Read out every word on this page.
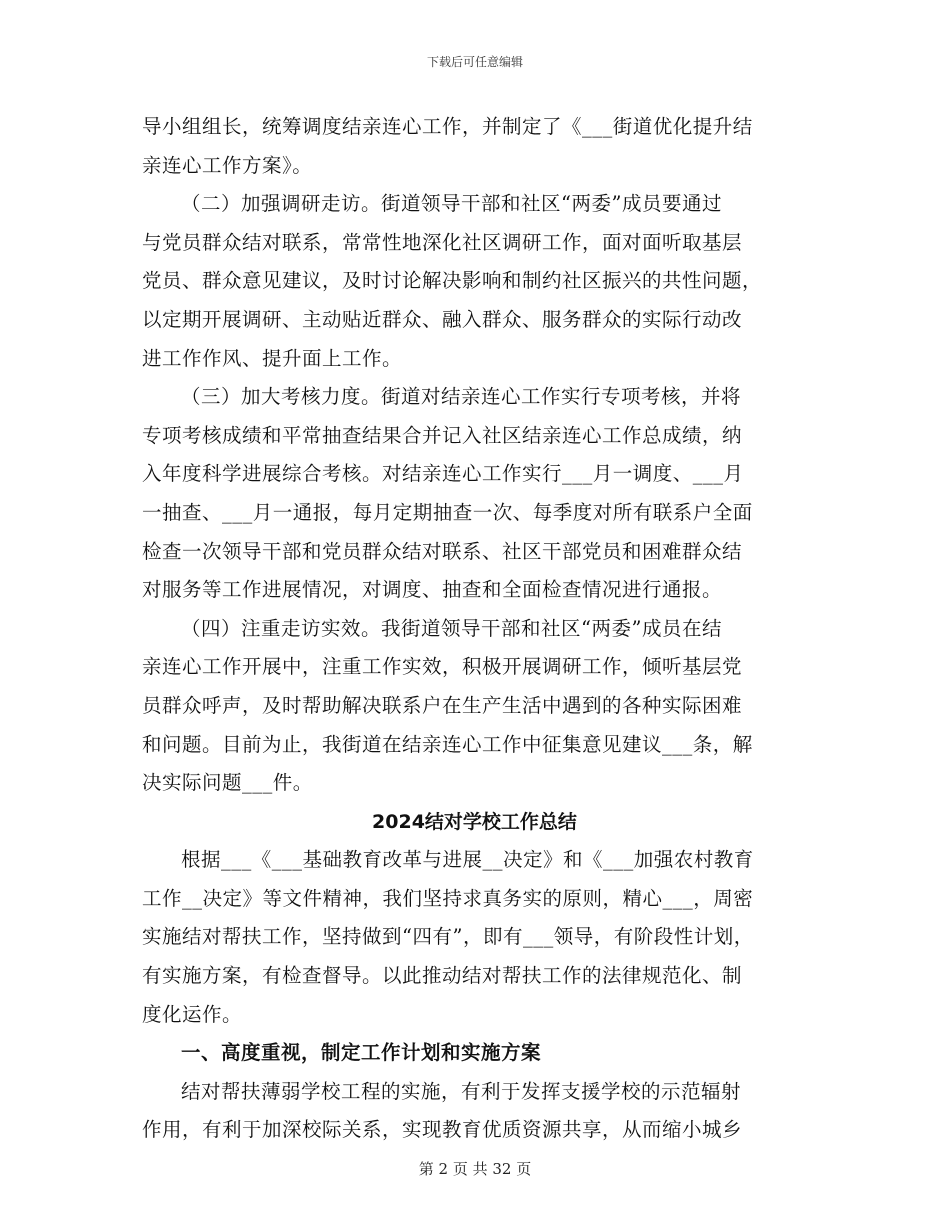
下载后可任意编辑
导小组组长，统筹调度结亲连心工作，并制定了《___街道优化提升结
亲连心工作方案》。
（二）加强调研走访。街道领导干部和社区“两委”成员要通过
与党员群众结对联系，常常性地深化社区调研工作，面对面听取基层
党员、群众意见建议，及时讨论解决影响和制约社区振兴的共性问题，
以定期开展调研、主动贴近群众、融入群众、服务群众的实际行动改
进工作作风、提升面上工作。
（三）加大考核力度。街道对结亲连心工作实行专项考核，并将
专项考核成绩和平常抽查结果合并记入社区结亲连心工作总成绩，纳
入年度科学进展综合考核。对结亲连心工作实行___月一调度、___月
一抽查、___月一通报，每月定期抽查一次、每季度对所有联系户全面
检查一次领导干部和党员群众结对联系、社区干部党员和困难群众结
对服务等工作进展情况，对调度、抽查和全面检查情况进行通报。
（四）注重走访实效。我街道领导干部和社区“两委”成员在结
亲连心工作开展中，注重工作实效，积极开展调研工作，倾听基层党
员群众呼声，及时帮助解决联系户在生产生活中遇到的各种实际困难
和问题。目前为止，我街道在结亲连心工作中征集意见建议___条，解
决实际问题___件。
2024结对学校工作总结
根据___《___基础教育改革与进展__决定》和《___加强农村教育
工作__决定》等文件精神，我们坚持求真务实的原则，精心___，周密
实施结对帮扶工作，坚持做到“四有”，即有___领导，有阶段性计划，
有实施方案，有检查督导。以此推动结对帮扶工作的法律规范化、制
度化运作。
一、高度重视，制定工作计划和实施方案
结对帮扶薄弱学校工程的实施，有利于发挥支援学校的示范辐射
作用，有利于加深校际关系，实现教育优质资源共享，从而缩小城乡
第 2 页 共 32 页
